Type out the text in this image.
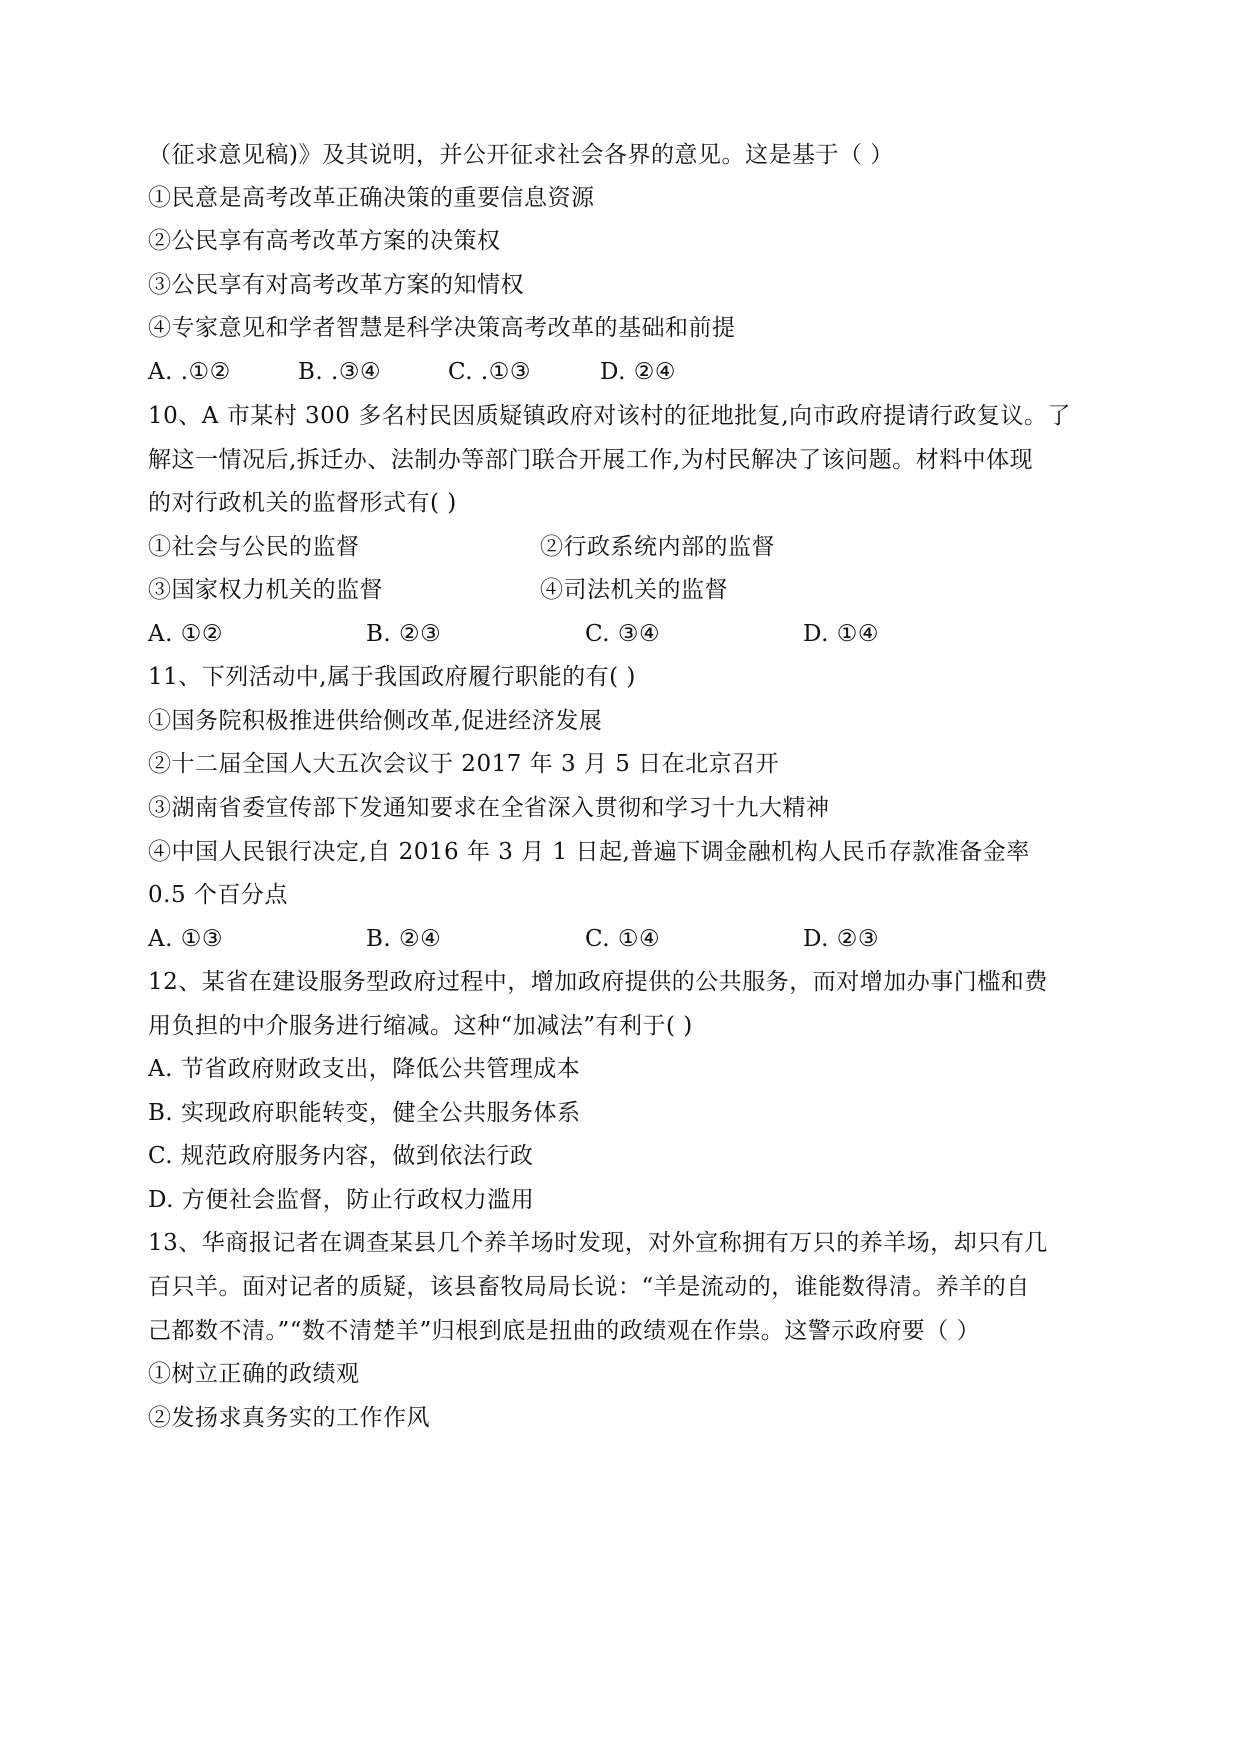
（征求意见稿)》及其说明，并公开征求社会各界的意见。这是基于（ ）
①民意是高考改革正确决策的重要信息资源
②公民享有高考改革方案的决策权
③公民享有对高考改革方案的知情权
④专家意见和学者智慧是科学决策高考改革的基础和前提
A. .①②	B. .③④	C. .①③	D. ②④
10、A 市某村 300 多名村民因质疑镇政府对该村的征地批复,向市政府提请行政复议。了
解这一情况后,拆迁办、法制办等部门联合开展工作,为村民解决了该问题。材料中体现
的对行政机关的监督形式有( )
①社会与公民的监督	②行政系统内部的监督
③国家权力机关的监督	④司法机关的监督
A. ①②	B. ②③	C. ③④	D. ①④
11、下列活动中,属于我国政府履行职能的有( )
①国务院积极推进供给侧改革,促进经济发展
②十二届全国人大五次会议于 2017 年 3 月 5 日在北京召开
③湖南省委宣传部下发通知要求在全省深入贯彻和学习十九大精神
④中国人民银行决定,自 2016 年 3 月 1 日起,普遍下调金融机构人民币存款准备金率
0.5 个百分点
A. ①③	B. ②④	C. ①④	D. ②③
12、某省在建设服务型政府过程中，增加政府提供的公共服务，而对增加办事门槛和费
用负担的中介服务进行缩减。这种“加减法”有利于( )
A. 节省政府财政支出，降低公共管理成本
B. 实现政府职能转变，健全公共服务体系
C. 规范政府服务内容，做到依法行政
D. 方便社会监督，防止行政权力滥用
13、华商报记者在调查某县几个养羊场时发现，对外宣称拥有万只的养羊场，却只有几
百只羊。面对记者的质疑，该县畜牧局局长说：“羊是流动的，谁能数得清。养羊的自
己都数不清。”“数不清楚羊”归根到底是扭曲的政绩观在作祟。这警示政府要（ ）
①树立正确的政绩观
②发扬求真务实的工作作风
